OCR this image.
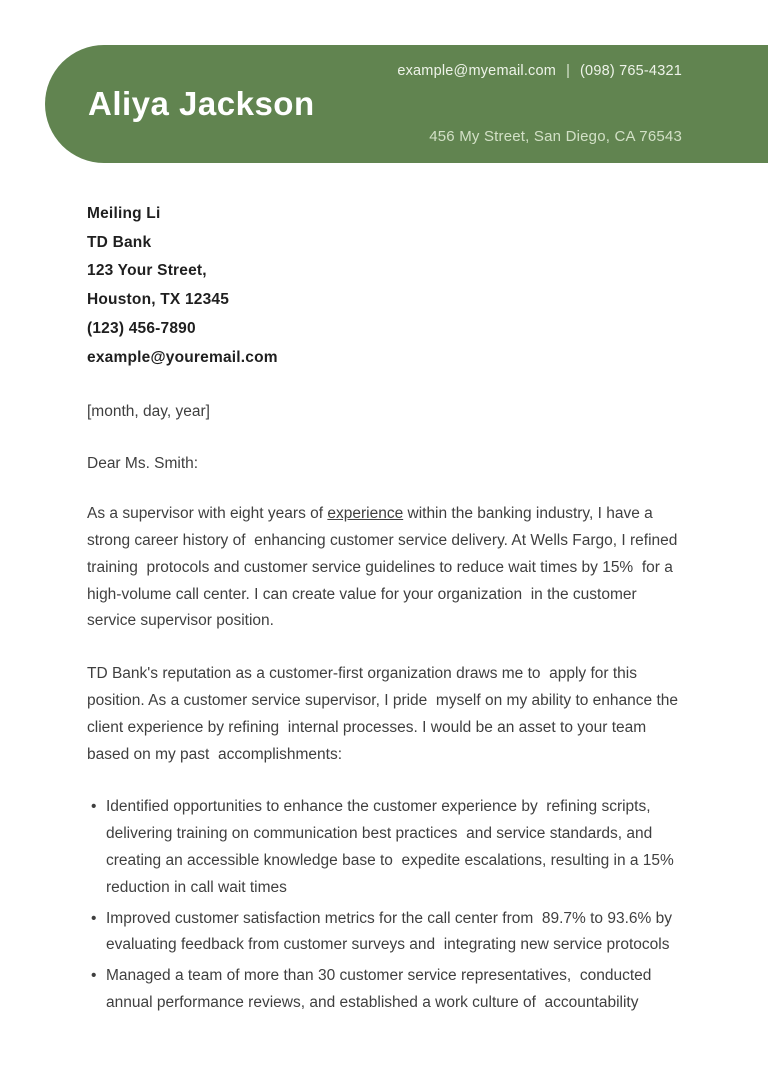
Aliya Jackson

example@myemail.com | (098) 765-4321

456 My Street, San Diego, CA 76543

Meiling Li
TD Bank
123 Your Street,
Houston, TX 12345
(123) 456-7890
example@youremail.com
[month, day, year]
Dear Ms. Smith:
As a supervisor with eight years of experience within the banking industry, I have a strong career history of  enhancing customer service delivery. At Wells Fargo, I refined training  protocols and customer service guidelines to reduce wait times by 15%  for a high-volume call center. I can create value for your organization  in the customer service supervisor position.
TD Bank's reputation as a customer-first organization draws me to  apply for this position. As a customer service supervisor, I pride  myself on my ability to enhance the client experience by refining  internal processes. I would be an asset to your team based on my past  accomplishments:
• Identified opportunities to enhance the customer experience by  refining scripts, delivering training on communication best practices  and service standards, and creating an accessible knowledge base to  expedite escalations, resulting in a 15% reduction in call wait times
• Improved customer satisfaction metrics for the call center from  89.7% to 93.6% by evaluating feedback from customer surveys and  integrating new service protocols
• Managed a team of more than 30 customer service representatives,  conducted annual performance reviews, and established a work culture of  accountability
